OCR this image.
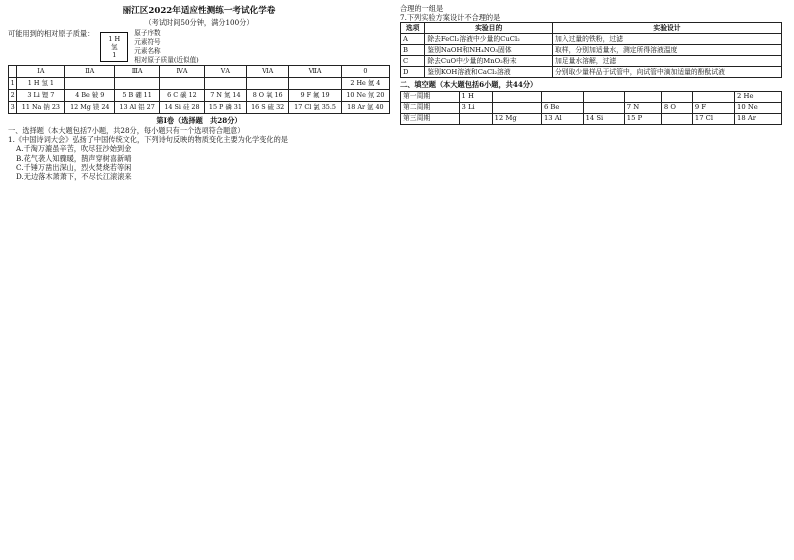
丽江区2022年适应性测练一考试化学卷
（考试时间50分钟，满分100分）
可能用到的相对原子质量：
1 H
氢
1
原子序数
元素符号
元素名称
相对原子质量(近似值)
	ⅠA	ⅡA	ⅢA	ⅣA	ⅤA	ⅥA	ⅦA	0
1	1 H 氢 1							2 He 氦 4
2	3 Li 锂 7	4 Be 铍 9	5 B 硼 11	6 C 碳 12	7 N 氮 14	8 O 氧 16	9 F 氟 19	10 Ne 氖 20
3	11 Na 钠 23	12 Mg 镁 24	13 Al 铝 27	14 Si 硅 28	15 P 磷 31	16 S 硫 32	17 Cl 氯 35.5	18 Ar 氩 40
第Ⅰ卷（选择题　共28分）
一、选择题（本大题包括7小题，共28分，每小题只有一个选项符合题意）
1.《中国诗词大会》弘扬了中国传统文化，下列诗句反映的物质变化主要为化学变化的是
A.千淘万漉虽辛苦，吹尽狂沙始到金
B.花气袭人知骤暖，鹊声穿树喜新晴
C.千锤万凿出深山，烈火焚烧若等闲
D.无边落木萧萧下，不尽长江滚滚来
合理的一组是
7.下列实验方案设计不合理的是
选项	实验目的	实验设计
A	除去FeCl₂溶液中少量的CuCl₂	加入过量的铁粉，过滤
B	鉴别NaOH和NH₄NO₃固体	取样，分别加适量水，测定所得溶液温度
C	除去CuO中少量的MnO₂粉末	加足量水溶解，过滤
D	鉴别KOH溶液和CaCl₂溶液	分别取少量样品于试管中，向试管中滴加适量的酚酞试液
二、填空题（本大题包括6小题，共44分）
第一周期	1 H							2 He
第二周期	3 Li		6 Be		7 N	8 O	9 F	10 Ne
第三周期		12 Mg	13 Al	14 Si	15 P		17 Cl	18 Ar
